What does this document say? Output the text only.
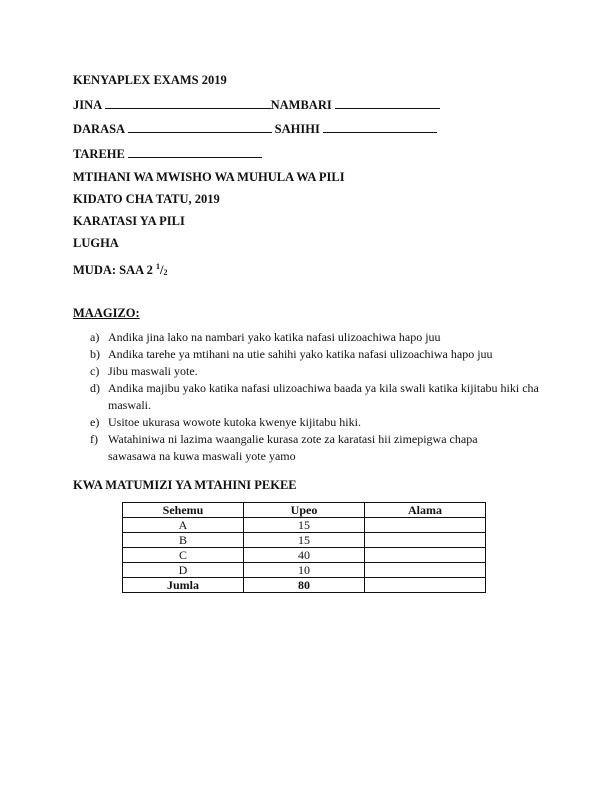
KENYAPLEX EXAMS 2019
JINA	NAMBARI
DARASA	SAHIHI
TAREHE
MTIHANI WA MWISHO WA MUHULA WA PILI
KIDATO CHA TATU, 2019
KARATASI YA PILI
LUGHA
MUDA: SAA 2 $^1/_2$
MAAGIZO:
a) Andika jina lako na nambari yako katika nafasi ulizoachiwa hapo juu
b) Andika tarehe ya mtihani na utie sahihi yako katika nafasi ulizoachiwa hapo juu
c) Jibu maswali yote.
d) Andika majibu yako katika nafasi ulizoachiwa baada ya kila swali katika kijitabu hiki cha maswali.
e) Usitoe ukurasa wowote kutoka kwenye kijitabu hiki.
f) Watahiniwa ni lazima waangalie kurasa zote za karatasi hii zimepigwa chapa sawasawa na kuwa maswali yote yamo
KWA MATUMIZI YA MTAHINI PEKEE
Sehemu	Upeo	Alama
A	15	
B	15	
C	40	
D	10	
Jumla	80	
